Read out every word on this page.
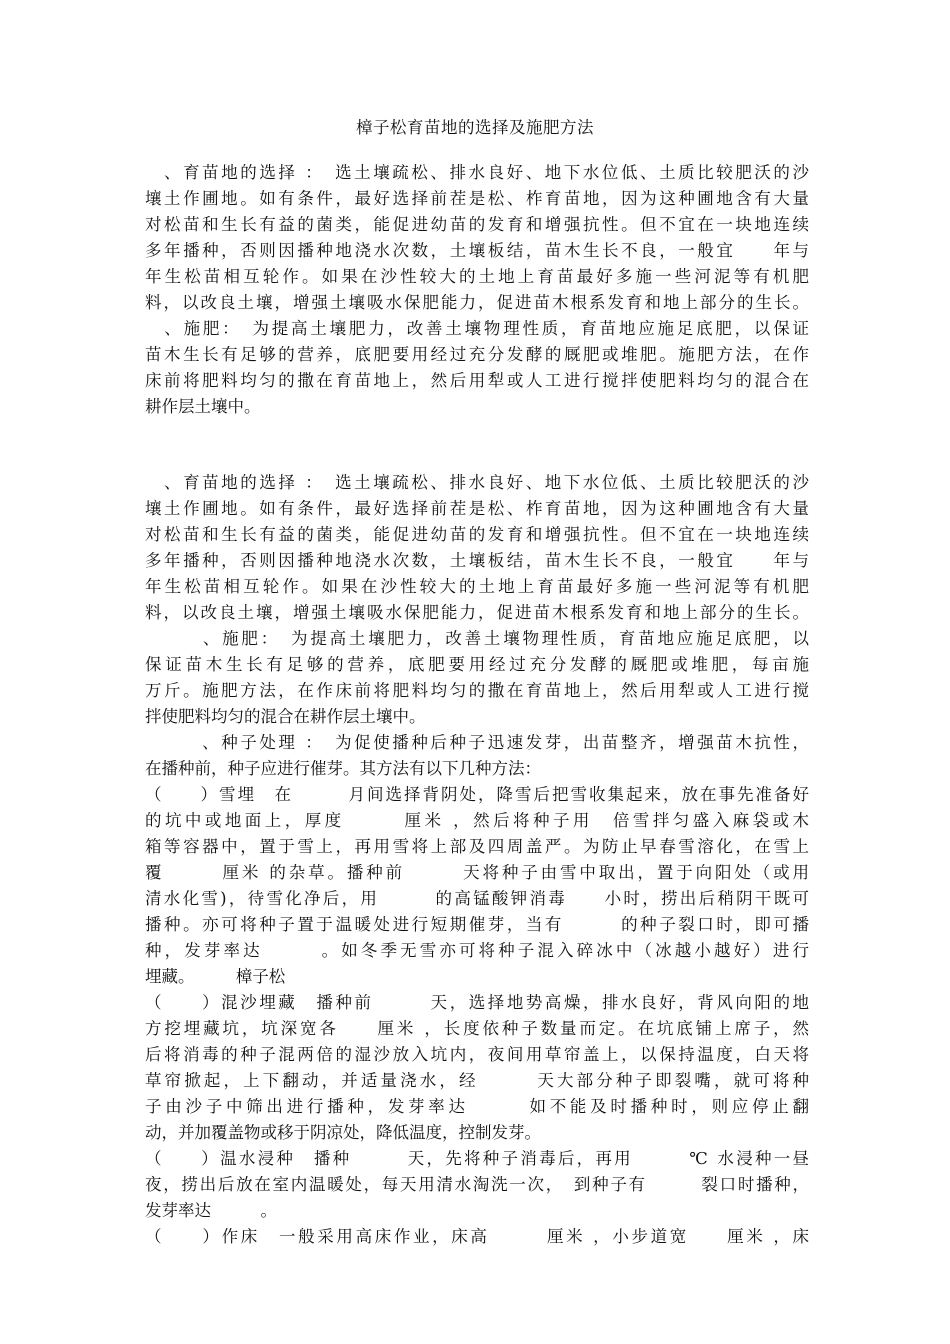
樟子松育苗地的选择及施肥方法
　、育苗地的选择 ：　选土壤疏松、排水良好、地下水位低、土质比较肥沃的沙
壤土作圃地。如有条件，最好选择前茬是松、柞育苗地，因为这种圃地含有大量
对松苗和生长有益的菌类，能促进幼苗的发育和增强抗性。但不宜在一块地连续
多年播种，否则因播种地浇水次数，土壤板结，苗木生长不良，一般宜　　年与
年生松苗相互轮作。如果在沙性较大的土地上育苗最好多施一些河泥等有机肥
料，以改良土壤，增强土壤吸水保肥能力，促进苗木根系发育和地上部分的生长。
　、施肥：　为提高土壤肥力，改善土壤物理性质，育苗地应施足底肥，以保证
苗木生长有足够的营养，底肥要用经过充分发酵的厩肥或堆肥。施肥方法，在作
床前将肥料均匀的撒在育苗地上，然后用犁或人工进行搅拌使肥料均匀的混合在
耕作层土壤中。
　、育苗地的选择 ：　选土壤疏松、排水良好、地下水位低、土质比较肥沃的沙
壤土作圃地。如有条件，最好选择前茬是松、柞育苗地，因为这种圃地含有大量
对松苗和生长有益的菌类，能促进幼苗的发育和增强抗性。但不宜在一块地连续
多年播种，否则因播种地浇水次数，土壤板结，苗木生长不良，一般宜　　年与
年生松苗相互轮作。如果在沙性较大的土地上育苗最好多施一些河泥等有机肥
料，以改良土壤，增强土壤吸水保肥能力，促进苗木根系发育和地上部分的生长。
　　　、施肥：　为提高土壤肥力，改善土壤物理性质，育苗地应施足底肥，以
保证苗木生长有足够的营养，底肥要用经过充分发酵的厩肥或堆肥，每亩施
万斤。施肥方法，在作床前将肥料均匀的撒在育苗地上，然后用犁或人工进行搅
拌使肥料均匀的混合在耕作层土壤中。
　　　、种子处理 ：　为促使播种后种子迅速发芽，出苗整齐，增强苗木抗性，
在播种前，种子应进行催芽。其方法有以下几种方法：
（　　）雪埋　在　　　月间选择背阴处，降雪后把雪收集起来，放在事先准备好
的坑中或地面上，厚度　　　厘米 ，然后将种子用　倍雪拌匀盛入麻袋或木
箱等容器中，置于雪上，再用雪将上部及四周盖严。为防止早春雪溶化，在雪上
覆　　　厘米 的杂草。播种前　　　天将种子由雪中取出，置于向阳处（或用
清水化雪)，待雪化净后，用　　　的高锰酸钾消毒　　小时，捞出后稍阴干既可
播种。亦可将种子置于温暖处进行短期催芽，当有　　　的种子裂口时，即可播
种，发芽率达　　　。如冬季无雪亦可将种子混入碎冰中（冰越小越好）进行
埋藏。　　　樟子松
（　　）混沙埋藏　播种前　　　天，选择地势高燥，排水良好，背风向阳的地
方挖埋藏坑，坑深宽各　　厘米 ，长度依种子数量而定。在坑底铺上席子，然
后将消毒的种子混两倍的湿沙放入坑内，夜间用草帘盖上，以保持温度，白天将
草帘掀起，上下翻动，并适量浇水，经　　　天大部分种子即裂嘴，就可将种
子由沙子中筛出进行播种，发芽率达　　　如不能及时播种时，则应停止翻
动，并加覆盖物或移于阴凉处，降低温度，控制发芽。
（　　）温水浸种　播种　　　天，先将种子消毒后，再用　　　℃ 水浸种一昼
夜，捞出后放在室内温暖处，每天用清水淘洗一次，　到种子有　　　裂口时播种，
发芽率达　　　。
（　　）作床　一般采用高床作业，床高　　　厘米 ，小步道宽　　厘米 ，床
